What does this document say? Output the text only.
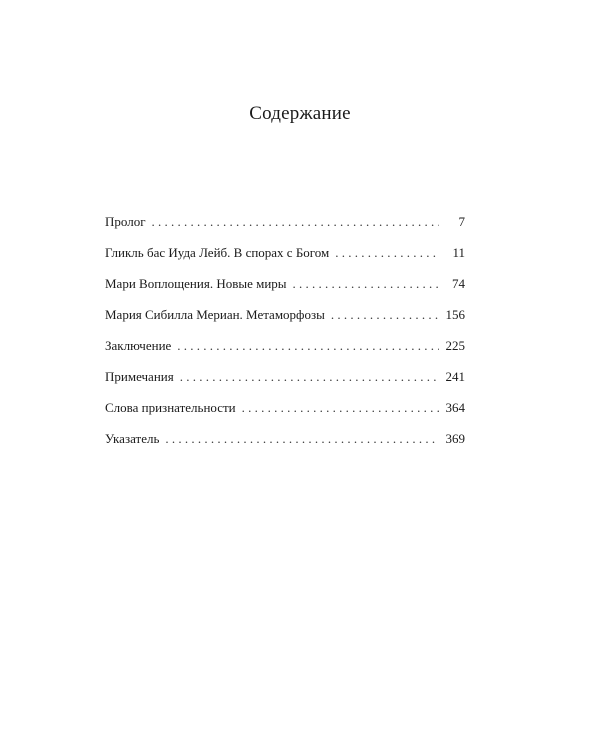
Содержание
Пролог . . .	7
Гликль бас Иуда Лейб. В спорах с Богом . . .	11
Мари Воплощения. Новые миры . . .	74
Мария Сибилла Мериан. Метаморфозы . . .	156
Заключение . . .	225
Примечания . . .	241
Слова признательности . . .	364
Указатель . . .	369
